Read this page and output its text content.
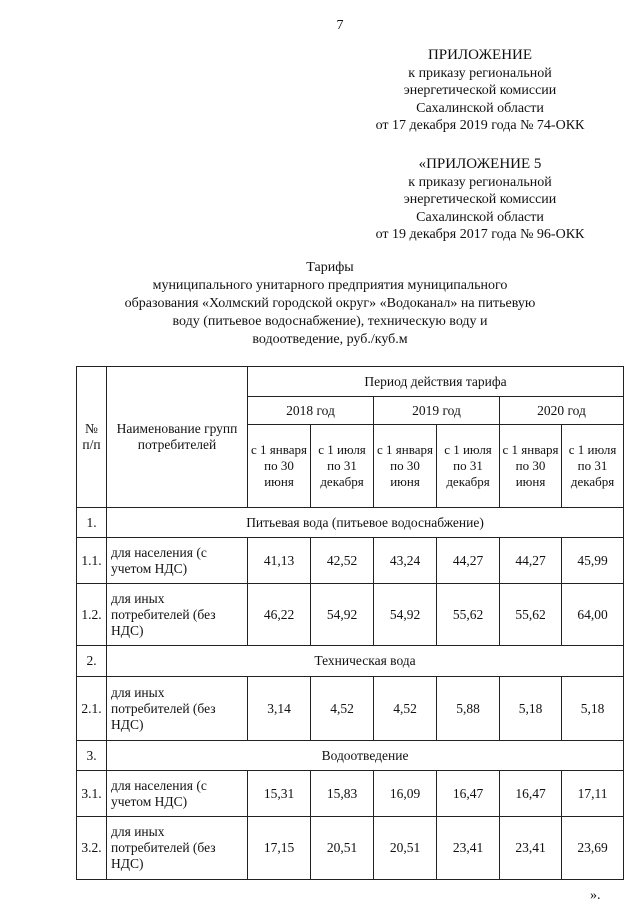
7
ПРИЛОЖЕНИЕ
к приказу региональной
энергетической комиссии
Сахалинской области
от 17 декабря 2019 года № 74-ОКК
«ПРИЛОЖЕНИЕ 5
к приказу региональной
энергетической комиссии
Сахалинской области
от 19 декабря 2017 года № 96-ОКК
Тарифы
муниципального унитарного предприятия муниципального
образования «Холмский городской округ» «Водоканал» на питьевую
воду (питьевое водоснабжение), техническую воду и
водоотведение, руб./куб.м
№ п/п	Наименование групп потребителей	Период действия тарифа					
		2018 год		2019 год		2020 год	
		с 1 января по 30 июня	с 1 июля по 31 декабря	с 1 января по 30 июня	с 1 июля по 31 декабря	с 1 января по 30 июня	с 1 июля по 31 декабря
1.	Питьевая вода (питьевое водоснабжение)						
1.1.	для населения (с учетом НДС)	41,13	42,52	43,24	44,27	44,27	45,99
1.2.	для иных потребителей (без НДС)	46,22	54,92	54,92	55,62	55,62	64,00
2.	Техническая вода						
2.1.	для иных потребителей (без НДС)	3,14	4,52	4,52	5,88	5,18	5,18
3.	Водоотведение						
3.1.	для населения (с учетом НДС)	15,31	15,83	16,09	16,47	16,47	17,11
3.2.	для иных потребителей (без НДС)	17,15	20,51	20,51	23,41	23,41	23,69
».
